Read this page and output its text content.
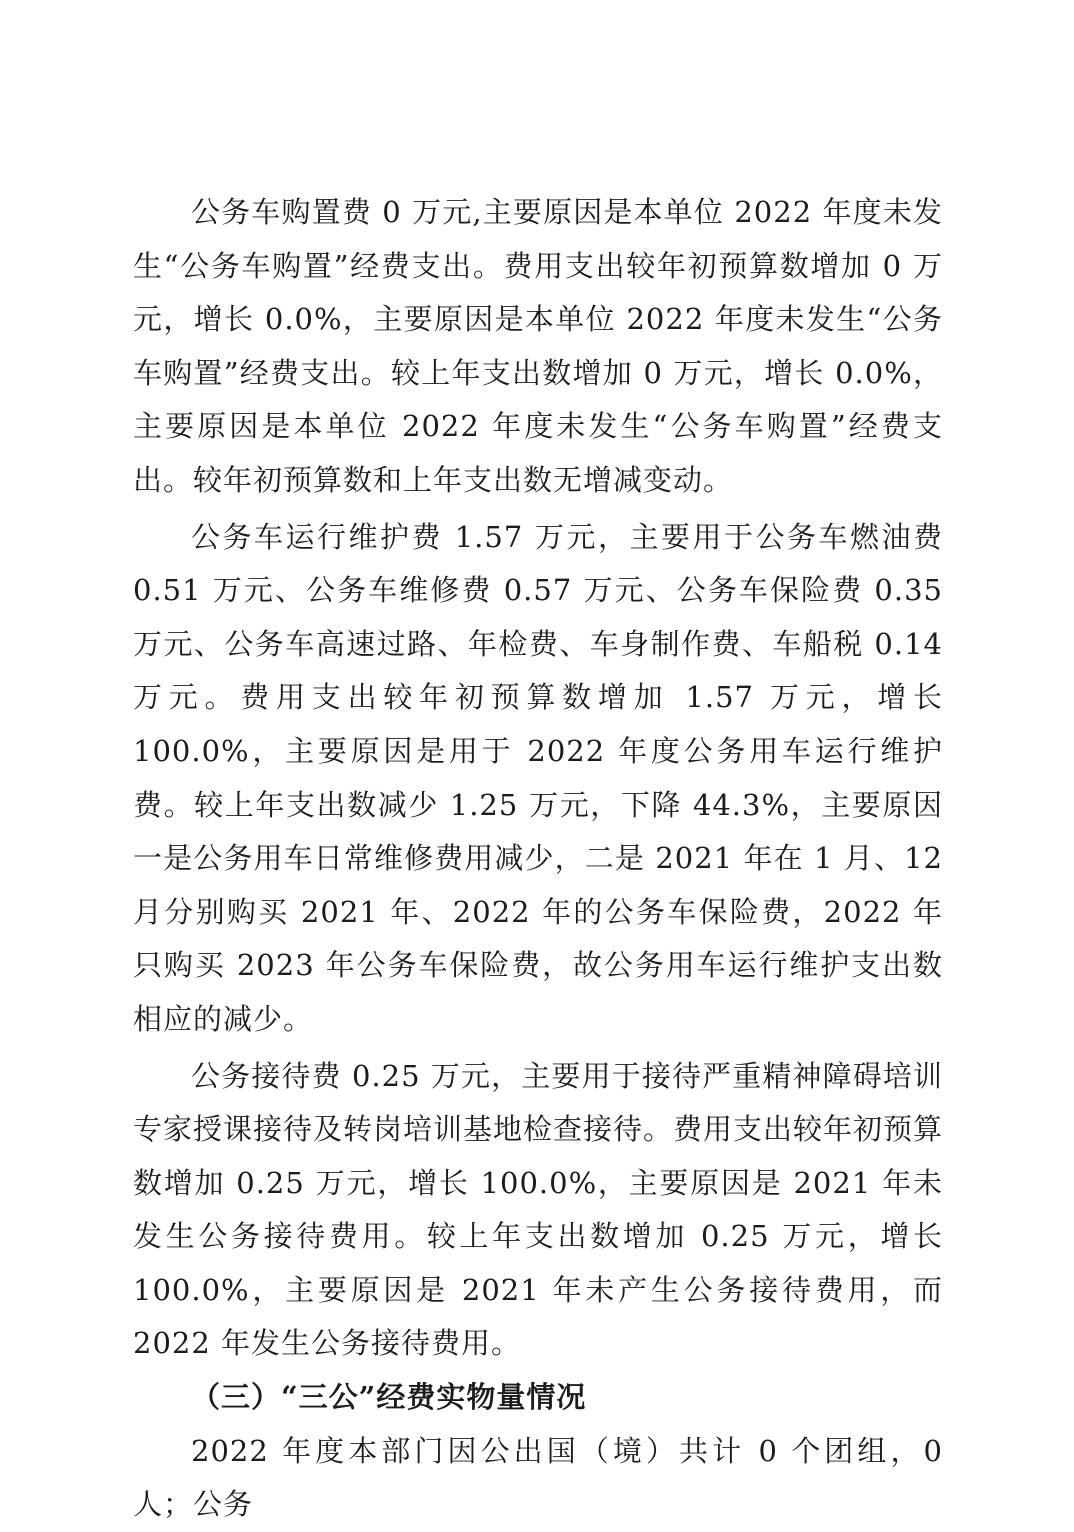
公务车购置费 0 万元,主要原因是本单位 2022 年度未发生“公务车购置”经费支出。费用支出较年初预算数增加 0 万元，增长 0.0%，主要原因是本单位 2022 年度未发生“公务车购置”经费支出。较上年支出数增加 0 万元，增长 0.0%，主要原因是本单位 2022 年度未发生“公务车购置”经费支出。较年初预算数和上年支出数无增减变动。

公务车运行维护费 1.57 万元，主要用于公务车燃油费 0.51 万元、公务车维修费 0.57 万元、公务车保险费 0.35 万元、公务车高速过路、年检费、车身制作费、车船税 0.14 万元。费用支出较年初预算数增加 1.57 万元，增长 100.0%，主要原因是用于 2022 年度公务用车运行维护费。较上年支出数减少 1.25 万元，下降 44.3%，主要原因一是公务用车日常维修费用减少，二是 2021 年在 1 月、12 月分别购买 2021 年、2022 年的公务车保险费，2022 年只购买 2023 年公务车保险费，故公务用车运行维护支出数相应的减少。

公务接待费 0.25 万元，主要用于接待严重精神障碍培训专家授课接待及转岗培训基地检查接待。费用支出较年初预算数增加 0.25 万元，增长 100.0%，主要原因是 2021 年未发生公务接待费用。较上年支出数增加 0.25 万元，增长 100.0%，主要原因是 2021 年未产生公务接待费用，而 2022 年发生公务接待费用。

（三）“三公”经费实物量情况

2022 年度本部门因公出国（境）共计 0 个团组，0 人；公务
